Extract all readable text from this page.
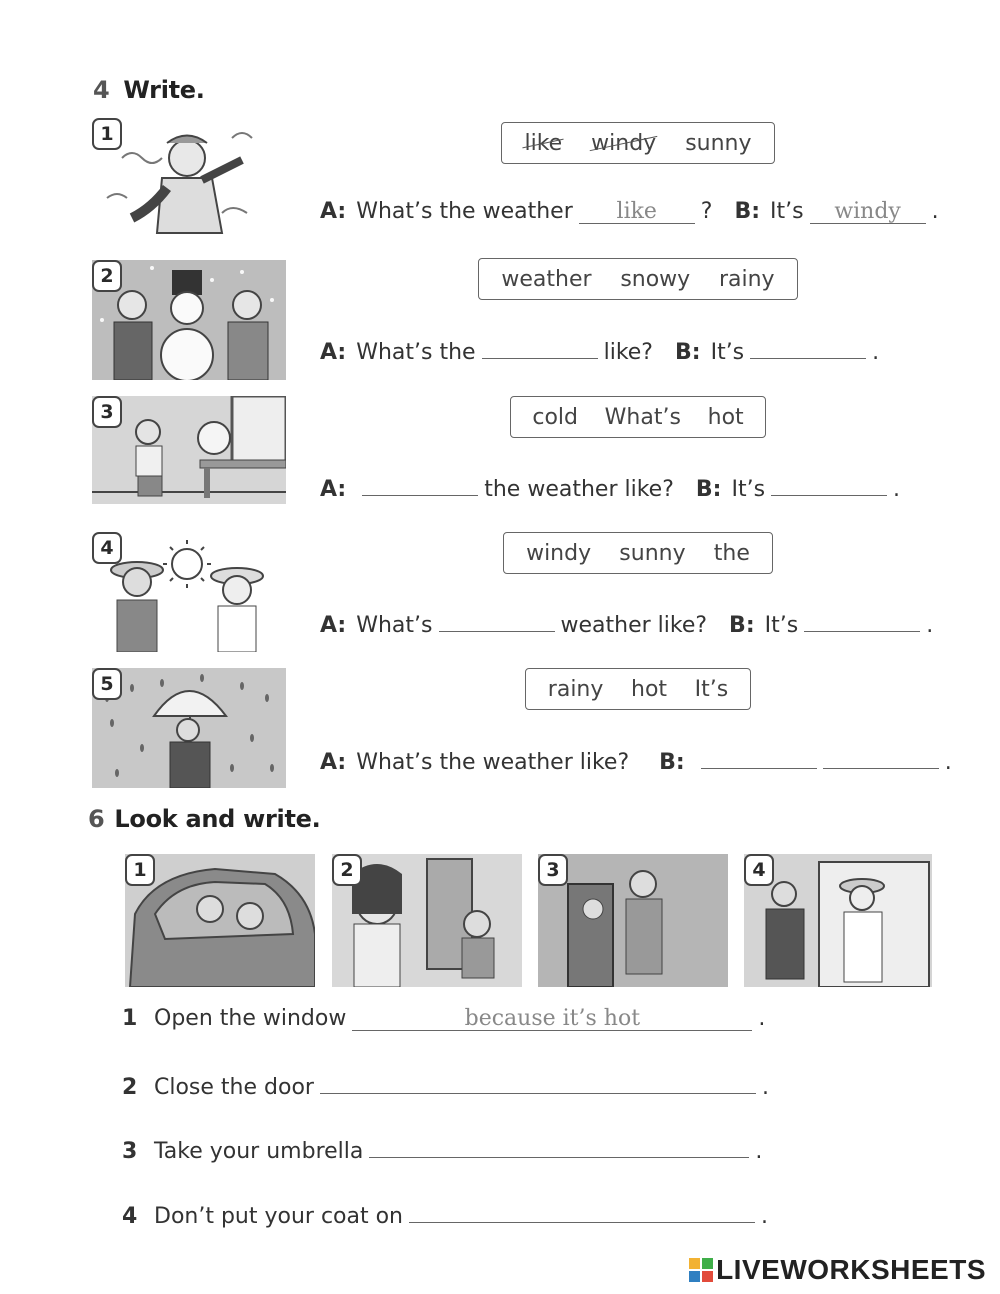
4 Write.
1	like	windy	sunny
A: What’s the weather	like	? B: It’s	windy	.
2	weather	snowy	rainy
A: What’s the	like? B: It’s	.
3	cold	What’s	hot
A:	the weather like? B: It’s	.
4	windy	sunny	the
A: What’s	weather like? B: It’s	.
5	rainy	hot	It’s
A: What’s the weather like? B:	.
6 Look and write.
1	2	3	4
1 Open the window	because it’s hot	.
2 Close the door	.
3 Take your umbrella	.
4 Don’t put your coat on	.
LIVEWORKSHEETS
